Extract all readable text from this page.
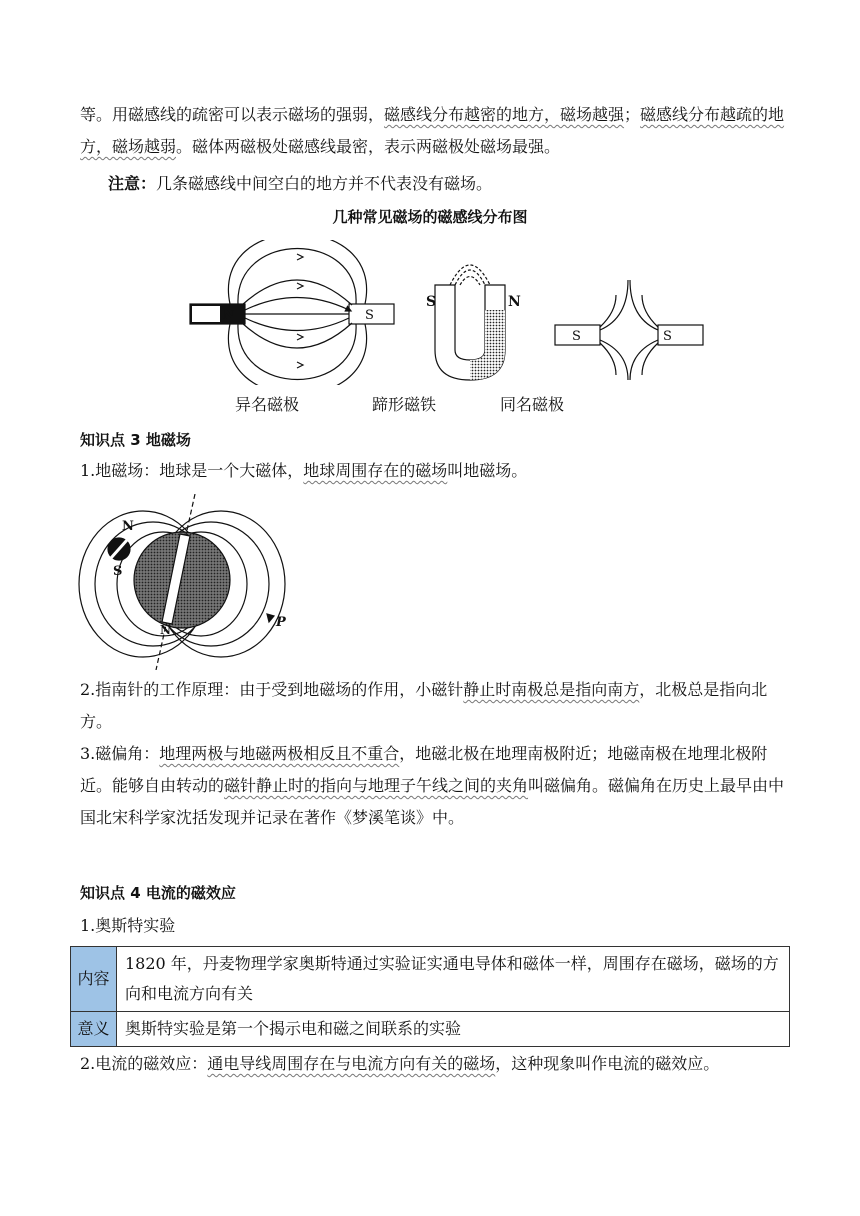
等。用磁感线的疏密可以表示磁场的强弱，磁感线分布越密的地方，磁场越强；磁感线分布越疏的地方，磁场越弱。磁体两磁极处磁感线最密，表示两磁极处磁场最强。

注意：几条磁感线中间空白的地方并不代表没有磁场。

几种常见磁场的磁感线分布图
N	S
S	N
S	S
异名磁极	蹄形磁铁	同名磁极
知识点 3 地磁场

1.地磁场：地球是一个大磁体，地球周围存在的磁场叫地磁场。

N
S
S
N	P

2.指南针的工作原理：由于受到地磁场的作用，小磁针静止时南极总是指向南方，北极总是指向北方。

3.磁偏角：地理两极与地磁两极相反且不重合，地磁北极在地理南极附近；地磁南极在地理北极附近。能够自由转动的磁针静止时的指向与地理子午线之间的夹角叫磁偏角。磁偏角在历史上最早由中国北宋科学家沈括发现并记录在著作《梦溪笔谈》中。

知识点 4 电流的磁效应

1.奥斯特实验

内容	1820 年，丹麦物理学家奥斯特通过实验证实通电导体和磁体一样，周围存在磁场，磁场的方向和电流方向有关
意义	奥斯特实验是第一个揭示电和磁之间联系的实验

2.电流的磁效应：通电导线周围存在与电流方向有关的磁场，这种现象叫作电流的磁效应。
